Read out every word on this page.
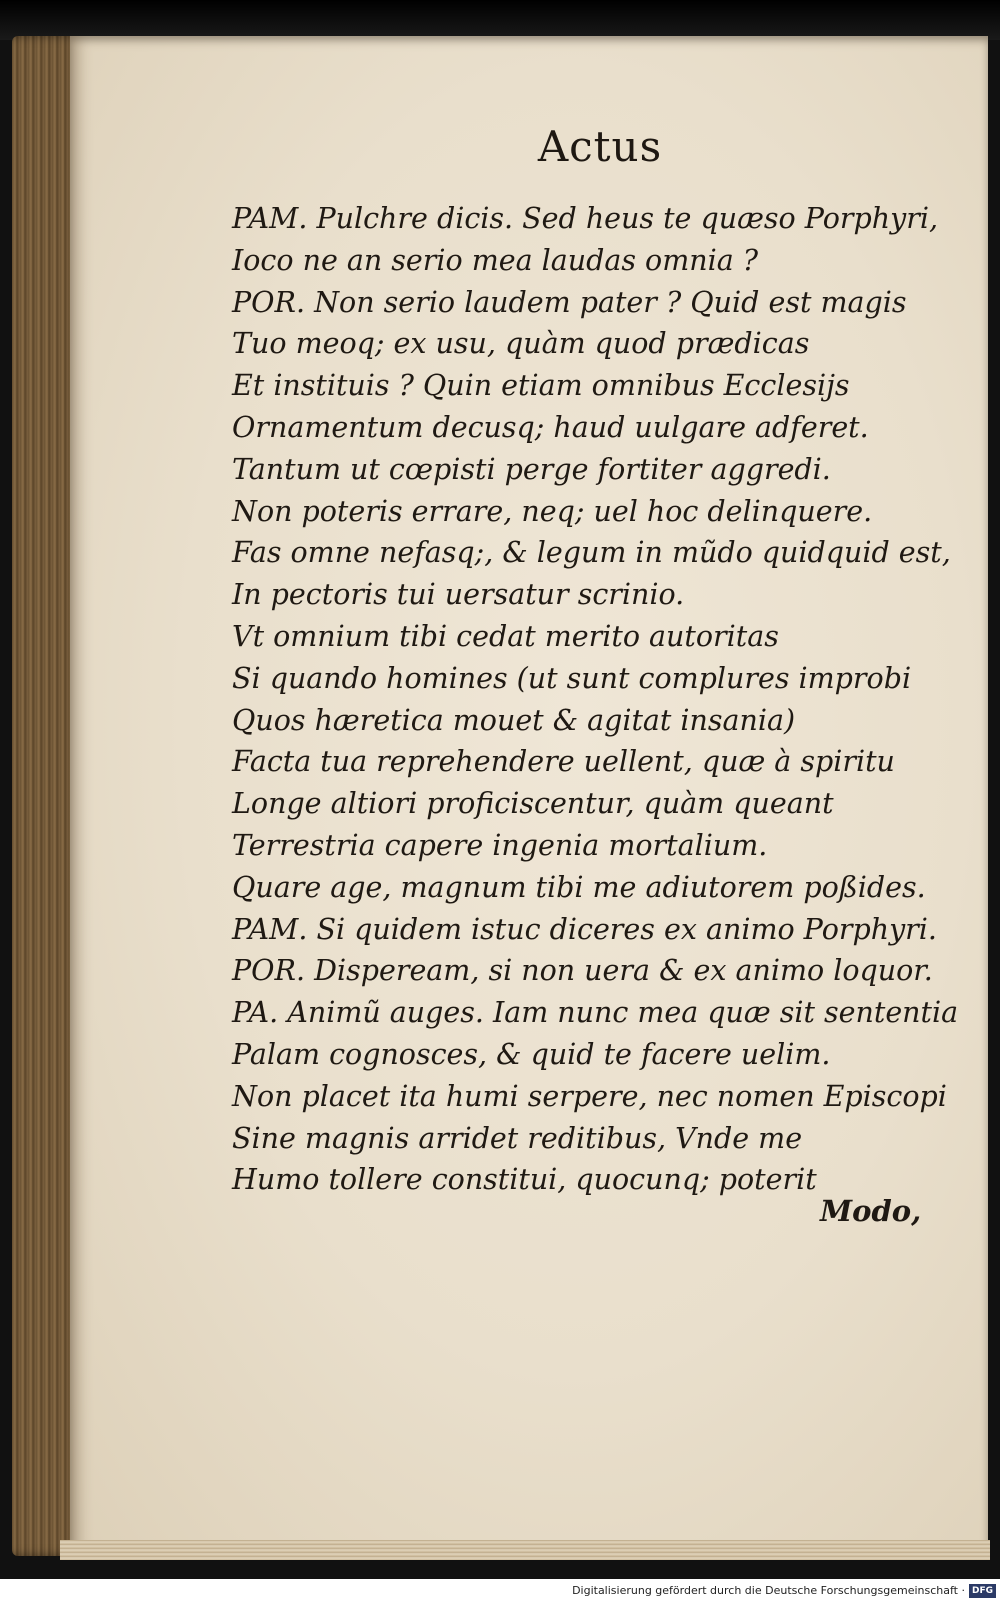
Actus
PAM. Pulchre dicis. Sed heus te quæso Porphyri,
Ioco ne an serio mea laudas omnia ?
POR. Non serio laudem pater ? Quid est magis
Tuo meoq; ex usu, quàm quod prædicas
Et instituis ? Quin etiam omnibus Ecclesijs
Ornamentum decusq; haud uulgare adferet.
Tantum ut cœpisti perge fortiter aggredi.
Non poteris errare, neq; uel hoc delinquere.
Fas omne nefasq;, & legum in mũdo quidquid est,
In pectoris tui uersatur scrinio.
Vt omnium tibi cedat merito autoritas
Si quando homines (ut sunt complures improbi
Quos hæretica mouet & agitat insania)
Facta tua reprehendere uellent, quæ à spiritu
Longe altiori proficiscentur, quàm queant
Terrestria capere ingenia mortalium.
Quare age, magnum tibi me adiutorem poßides.
PAM. Si quidem istuc diceres ex animo Porphyri.
POR. Dispeream, si non uera & ex animo loquor.
PA. Animũ auges. Iam nunc mea quæ sit sententia
Palam cognosces, & quid te facere uelim.
Non placet ita humi serpere, nec nomen Episcopi
Sine magnis arridet reditibus, Vnde me
Humo tollere constitui, quocunq; poterit
Modo,
Digitalisierung gefördert durch die Deutsche Forschungsgemeinschaft · DFG
